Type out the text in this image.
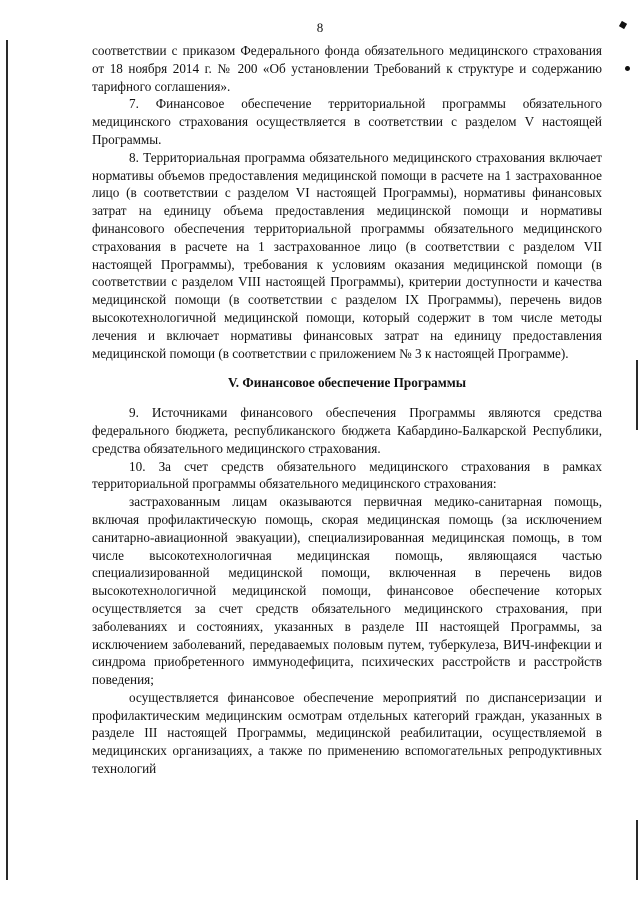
8

соответствии с приказом Федерального фонда обязательного медицинского страхования от 18 ноября 2014 г. № 200 «Об установлении Требований к структуре и содержанию тарифного соглашения».

7. Финансовое обеспечение территориальной программы обязательного медицинского страхования осуществляется в соответствии с разделом V настоящей Программы.

8. Территориальная программа обязательного медицинского страхования включает нормативы объемов предоставления медицинской помощи в расчете на 1 застрахованное лицо (в соответствии с разделом VI настоящей Программы), нормативы финансовых затрат на единицу объема предоставления медицинской помощи и нормативы финансового обеспечения территориальной программы обязательного медицинского страхования в расчете на 1 застрахованное лицо (в соответствии с разделом VII настоящей Программы), требования к условиям оказания медицинской помощи (в соответствии с разделом VIII настоящей Программы), критерии доступности и качества медицинской помощи (в соответствии с разделом IX Программы), перечень видов высокотехнологичной медицинской помощи, который содержит в том числе методы лечения и включает нормативы финансовых затрат на единицу предоставления медицинской помощи (в соответствии с приложением № 3 к настоящей Программе).

V. Финансовое обеспечение Программы

9. Источниками финансового обеспечения Программы являются средства федерального бюджета, республиканского бюджета Кабардино-Балкарской Республики, средства обязательного медицинского страхования.

10. За счет средств обязательного медицинского страхования в рамках территориальной программы обязательного медицинского страхования:

застрахованным лицам оказываются первичная медико-санитарная помощь, включая профилактическую помощь, скорая медицинская помощь (за исключением санитарно-авиационной эвакуации), специализированная медицинская помощь, в том числе высокотехнологичная медицинская помощь, являющаяся частью специализированной медицинской помощи, включенная в перечень видов высокотехнологичной медицинской помощи, финансовое обеспечение которых осуществляется за счет средств обязательного медицинского страхования, при заболеваниях и состояниях, указанных в разделе III настоящей Программы, за исключением заболеваний, передаваемых половым путем, туберкулеза, ВИЧ-инфекции и синдрома приобретенного иммунодефицита, психических расстройств и расстройств поведения;

осуществляется финансовое обеспечение мероприятий по диспансеризации и профилактическим медицинским осмотрам отдельных категорий граждан, указанных в разделе III настоящей Программы, медицинской реабилитации, осуществляемой в медицинских организациях, а также по применению вспомогательных репродуктивных технологий
